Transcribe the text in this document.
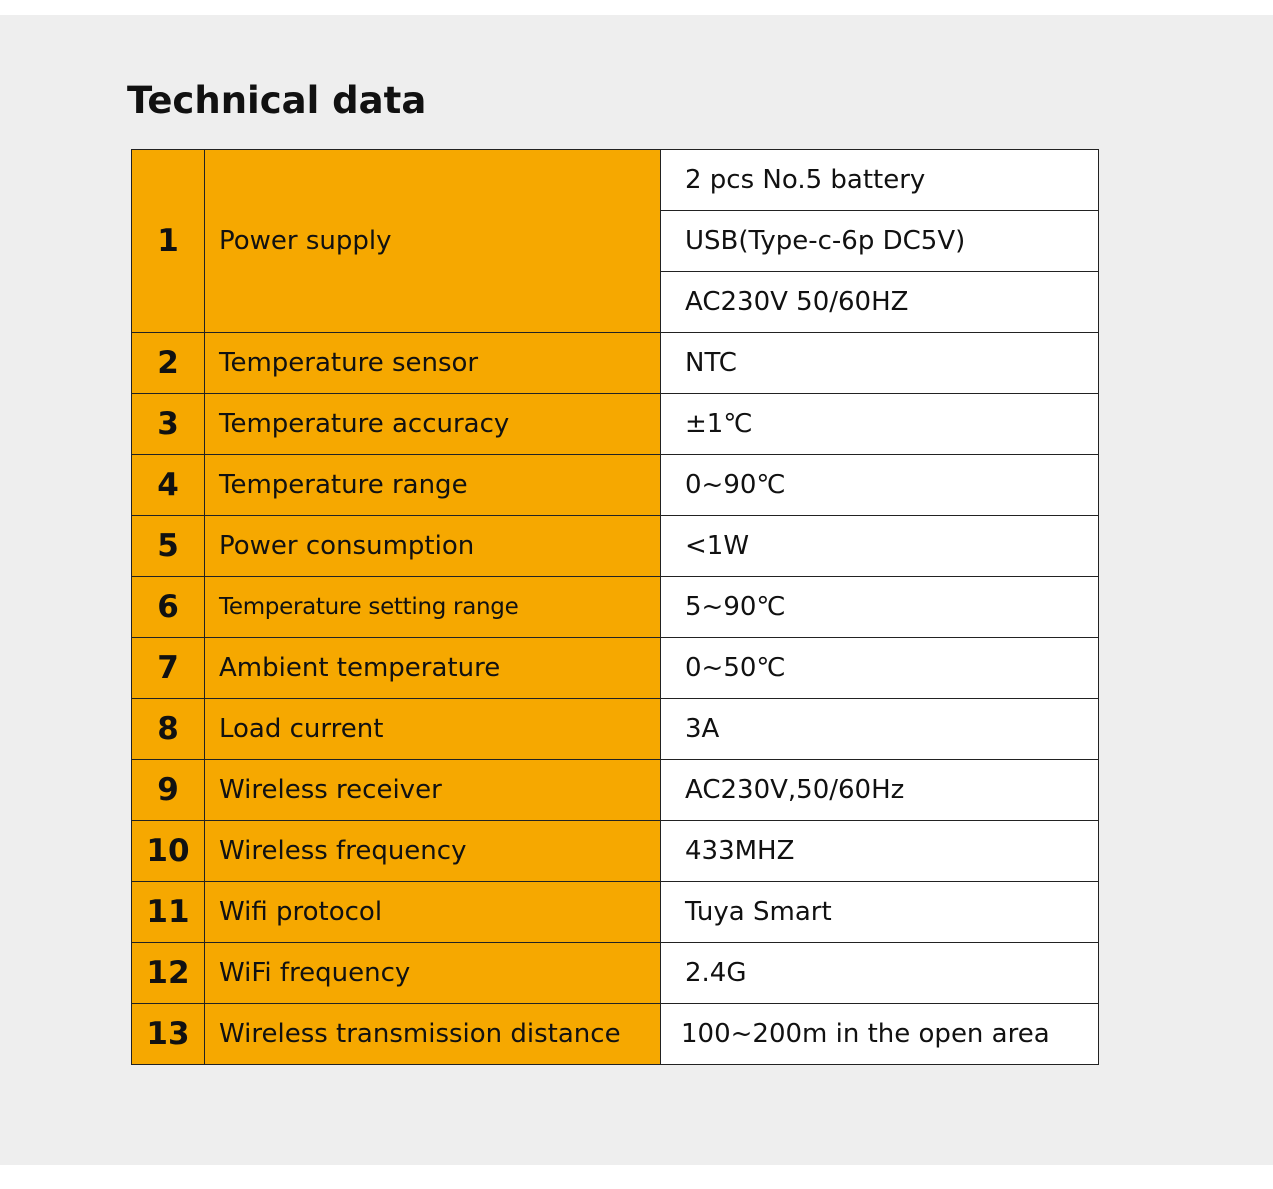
Technical data
1	Power supply	2 pcs No.5 battery
		USB(Type-c-6p DC5V)
		AC230V 50/60HZ
2	Temperature sensor	NTC
3	Temperature accuracy	±1℃
4	Temperature range	0~90℃
5	Power consumption	<1W
6	Temperature setting range	5~90℃
7	Ambient temperature	0~50℃
8	Load current	3A
9	Wireless receiver	AC230V,50/60Hz
10	Wireless frequency	433MHZ
11	Wifi protocol	Tuya Smart
12	WiFi frequency	2.4G
13	Wireless transmission distance	100~200m in the open area
